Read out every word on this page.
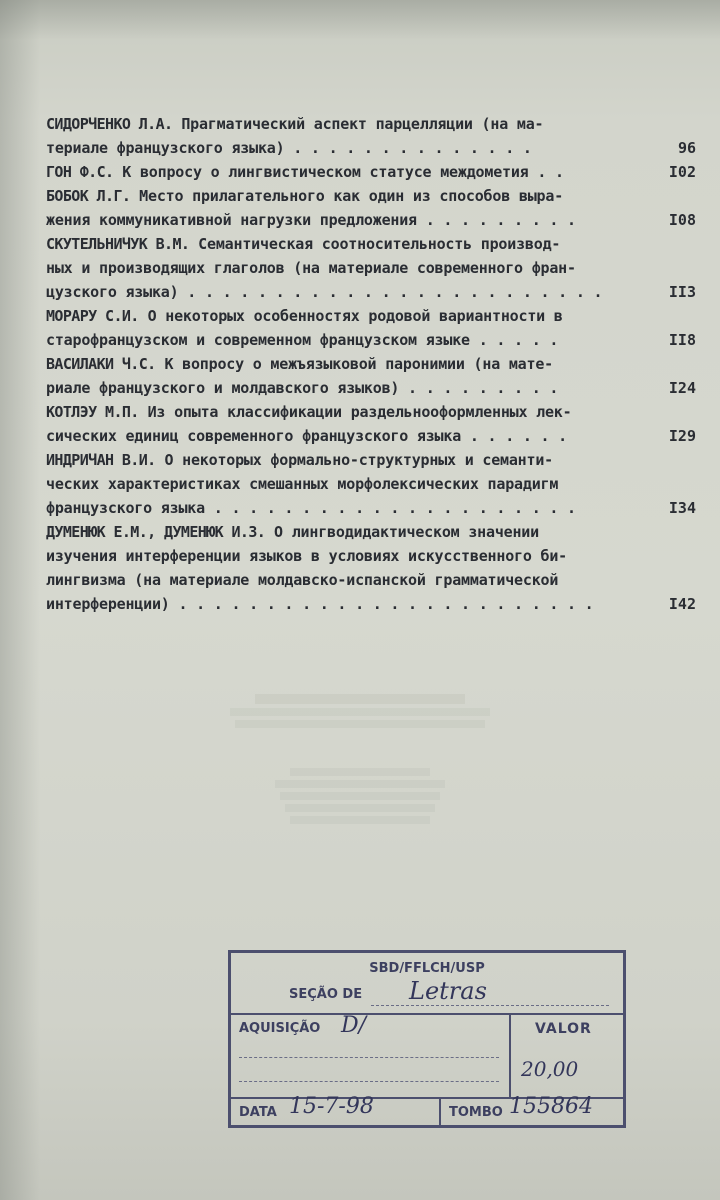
СИДОРЧЕНКО Л.А. Прагматический аспект парцелляции (на ма-
териале французского языка) . . . . . . . . . . . . . .	96
ГОН Ф.С. К вопросу о лингвистическом статусе междометия . .	I02
БОБОК Л.Г. Место прилагательного как один из способов выра-
жения коммуникативной нагрузки предложения . . . . . . . . .	I08
СКУТЕЛЬНИЧУК В.М. Семантическая соотносительность производ-
ных и производящих глаголов (на материале современного фран-
цузского языка) . . . . . . . . . . . . . . . . . . . . . . . .	II3
МОРАРУ С.И. О некоторых особенностях родовой вариантности в
старофранцузском и современном французском языке . . . . .	II8
ВАСИЛАКИ Ч.С. К вопросу о межъязыковой паронимии (на мате-
риале французского и молдавского языков) . . . . . . . . .	I24
КОТЛЭУ М.П. Из опыта классификации раздельнооформленных лек-
сических единиц современного французского языка . . . . . .	I29
ИНДРИЧАН В.И. О некоторых формально-структурных и семанти-
ческих характеристиках смешанных морфолексических парадигм
французского языка . . . . . . . . . . . . . . . . . . . . .	I34
ДУМЕНЮК Е.М., ДУМЕНЮК И.З. О лингводидактическом значении
изучения интерференции языков в условиях искусственного би-
лингвизма (на материале молдавско-испанской грамматической
интерференции) . . . . . . . . . . . . . . . . . . . . . . . .	I42
SBD/FFLCH/USP
SEÇÃO DE Letras
AQUISIÇÃO D/	VALOR
20,00
DATA 15-7-98	TOMBO 155864
